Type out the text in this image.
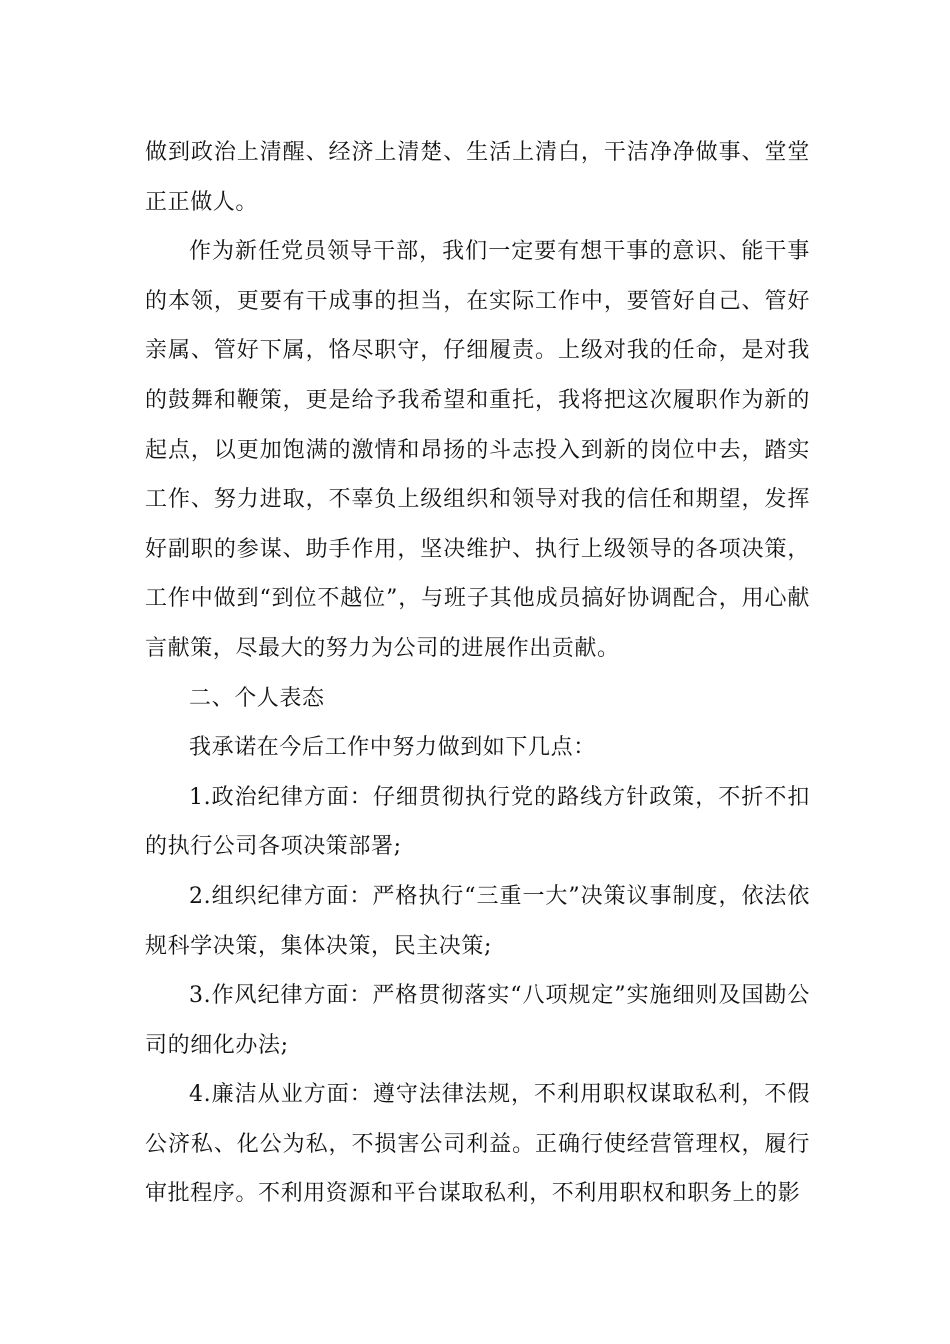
做到政治上清醒、经济上清楚、生活上清白，干洁净净做事、堂堂正正做人。

作为新任党员领导干部，我们一定要有想干事的意识、能干事的本领，更要有干成事的担当，在实际工作中，要管好自己、管好亲属、管好下属，恪尽职守，仔细履责。上级对我的任命，是对我的鼓舞和鞭策，更是给予我希望和重托，我将把这次履职作为新的起点，以更加饱满的激情和昂扬的斗志投入到新的岗位中去，踏实工作、努力进取，不辜负上级组织和领导对我的信任和期望，发挥好副职的参谋、助手作用，坚决维护、执行上级领导的各项决策，工作中做到“到位不越位”，与班子其他成员搞好协调配合，用心献言献策，尽最大的努力为公司的进展作出贡献。

二、个人表态

我承诺在今后工作中努力做到如下几点：

1.政治纪律方面：仔细贯彻执行党的路线方针政策，不折不扣的执行公司各项决策部署;

2.组织纪律方面：严格执行“三重一大”决策议事制度，依法依规科学决策，集体决策，民主决策;

3.作风纪律方面：严格贯彻落实“八项规定”实施细则及国勘公司的细化办法;

4.廉洁从业方面：遵守法律法规，不利用职权谋取私利，不假公济私、化公为私，不损害公司利益。正确行使经营管理权，履行审批程序。不利用资源和平台谋取私利，不利用职权和职务上的影
